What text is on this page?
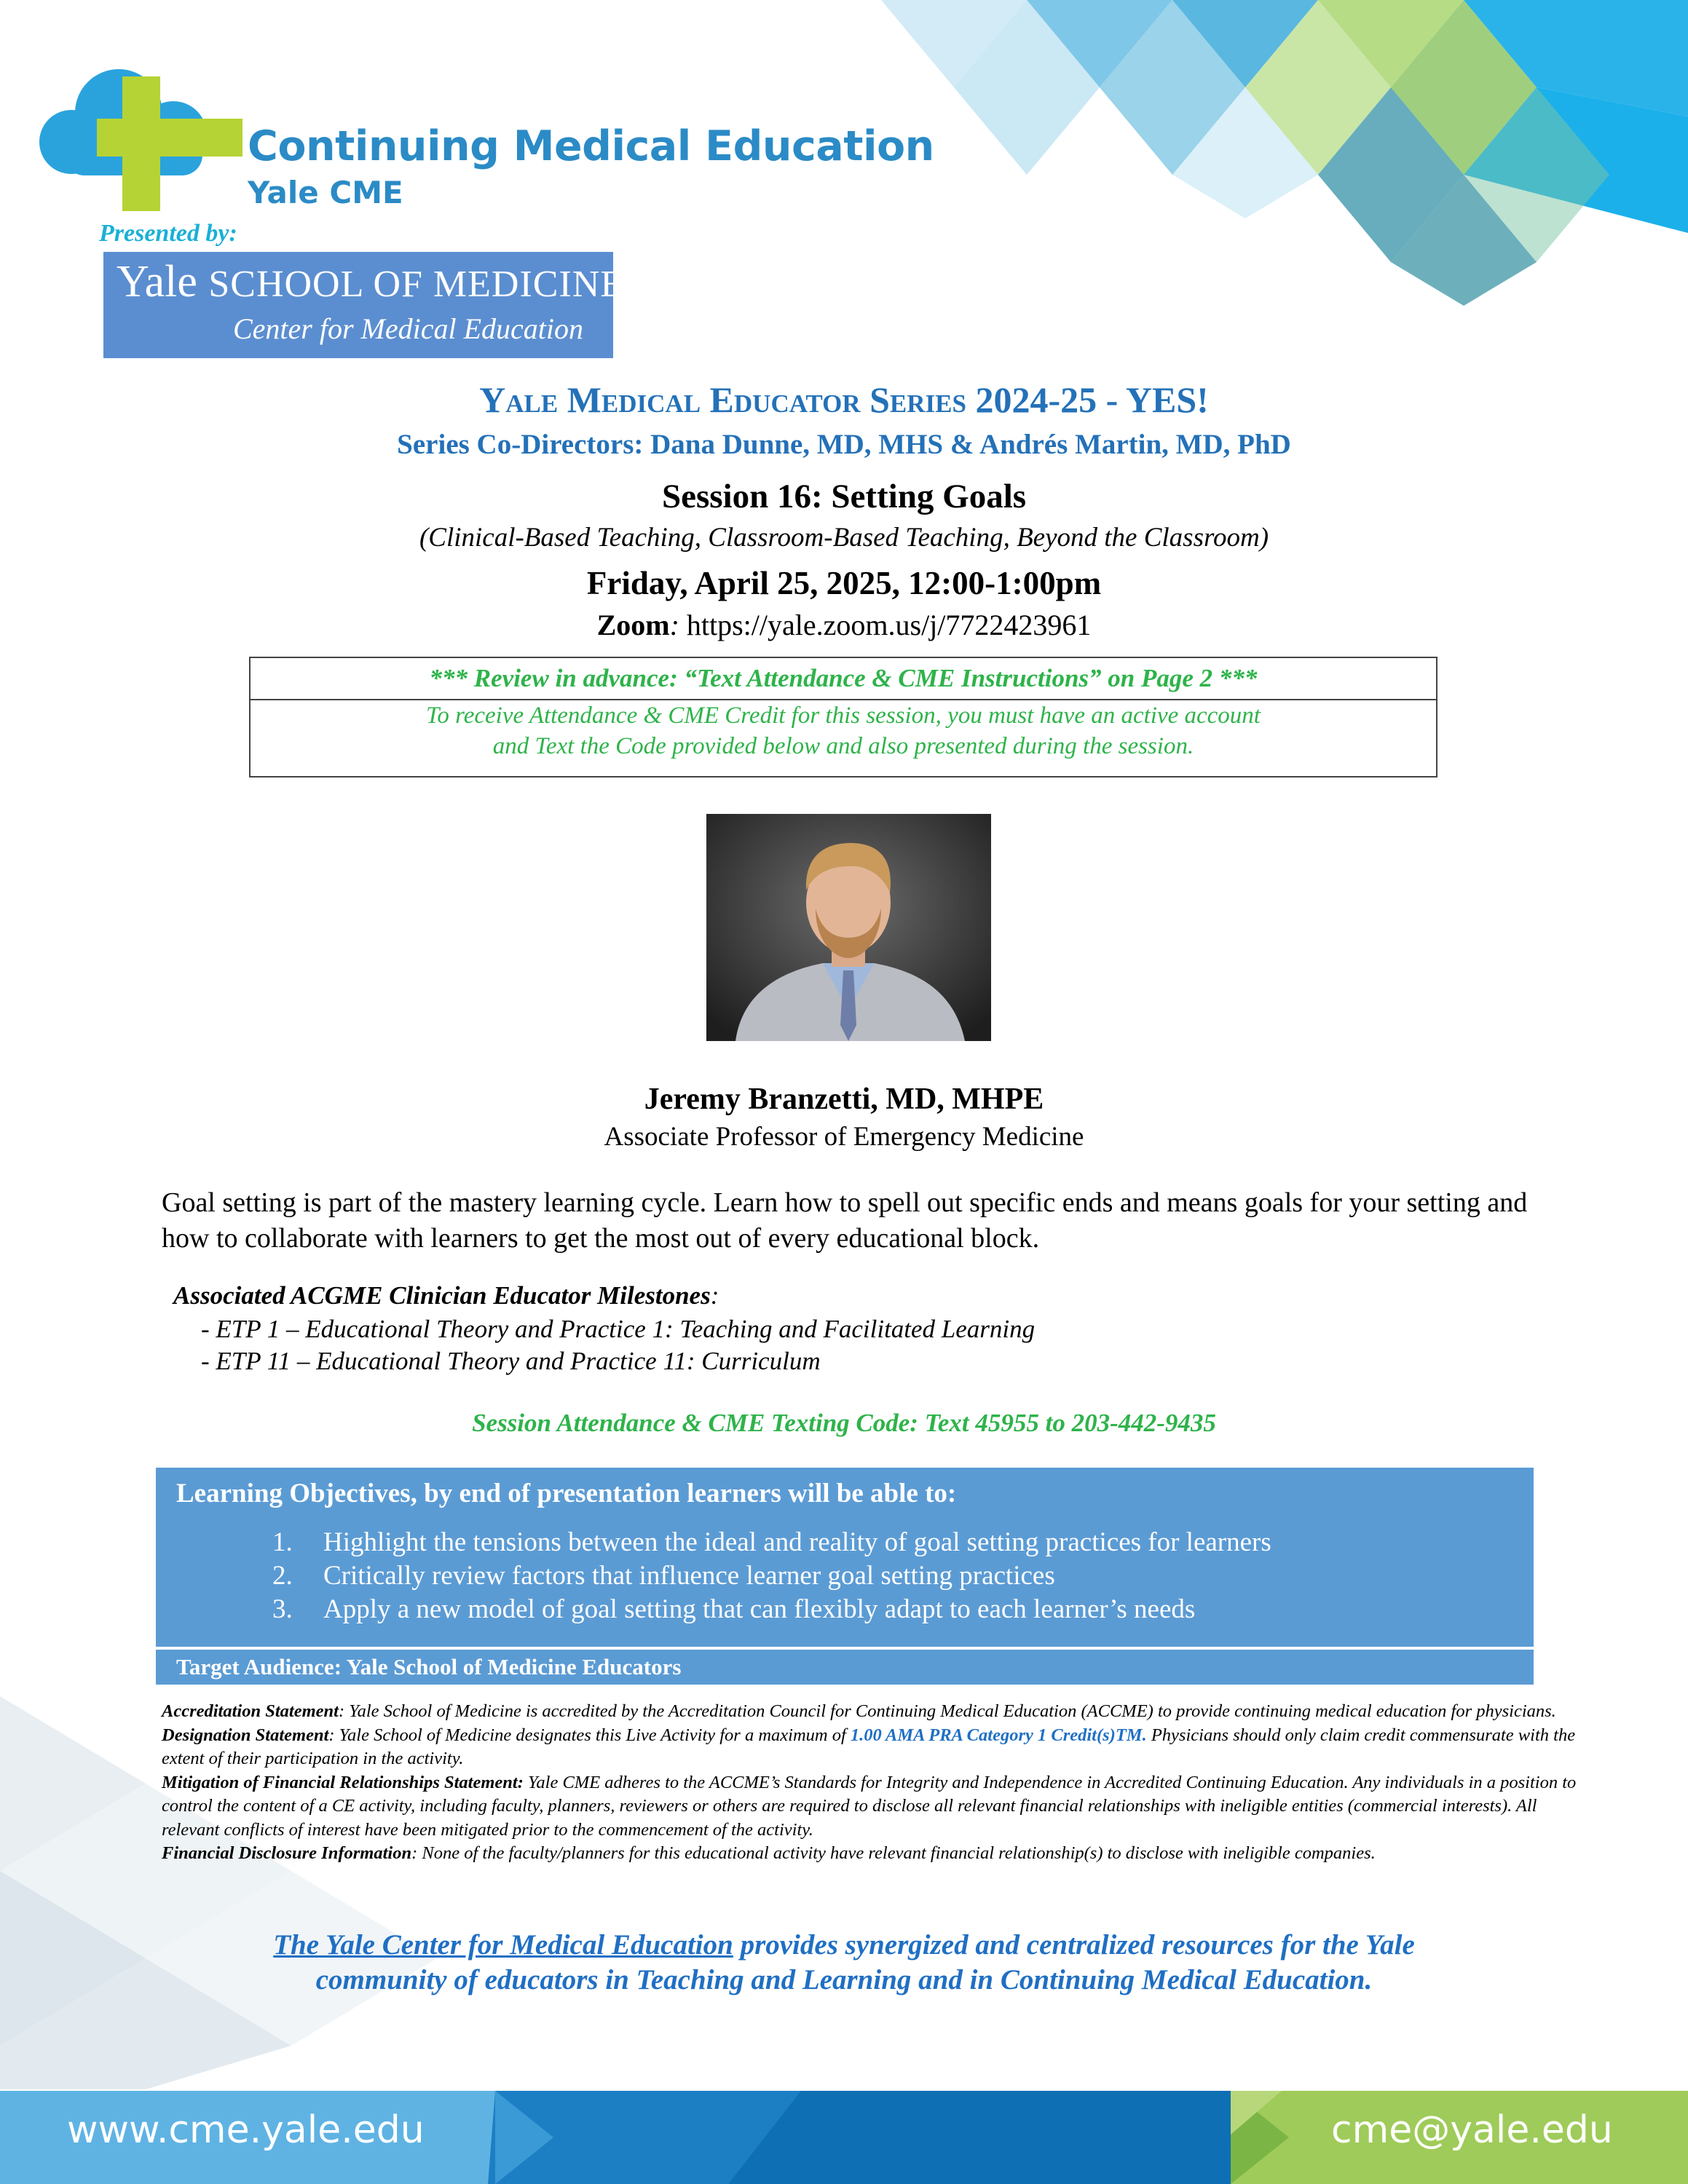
Continuing Medical Education
Yale CME
Presented by:
Yale SCHOOL OF MEDICINE
Center for Medical Education
Yale Medical Educator Series 2024-25 - YES!
Series Co-Directors: Dana Dunne, MD, MHS & Andrés Martin, MD, PhD
Session 16: Setting Goals
(Clinical-Based Teaching, Classroom-Based Teaching, Beyond the Classroom)
Friday, April 25, 2025, 12:00-1:00pm
Zoom: https://yale.zoom.us/j/7722423961
*** Review in advance: “Text Attendance & CME Instructions” on Page 2 ***
To receive Attendance & CME Credit for this session, you must have an active account
and Text the Code provided below and also presented during the session.
Jeremy Branzetti, MD, MHPE
Associate Professor of Emergency Medicine
Goal setting is part of the mastery learning cycle. Learn how to spell out specific ends and means goals for your setting and how to collaborate with learners to get the most out of every educational block.
Associated ACGME Clinician Educator Milestones:
- ETP 1 – Educational Theory and Practice 1: Teaching and Facilitated Learning
- ETP 11 – Educational Theory and Practice 11: Curriculum
Session Attendance & CME Texting Code: Text 45955 to 203-442-9435
Learning Objectives, by end of presentation learners will be able to:
1. Highlight the tensions between the ideal and reality of goal setting practices for learners
2. Critically review factors that influence learner goal setting practices
3. Apply a new model of goal setting that can flexibly adapt to each learner’s needs
Target Audience: Yale School of Medicine Educators
Accreditation Statement: Yale School of Medicine is accredited by the Accreditation Council for Continuing Medical Education (ACCME) to provide continuing medical education for physicians.
Designation Statement: Yale School of Medicine designates this Live Activity for a maximum of 1.00 AMA PRA Category 1 Credit(s)TM. Physicians should only claim credit commensurate with the extent of their participation in the activity.
Mitigation of Financial Relationships Statement: Yale CME adheres to the ACCME’s Standards for Integrity and Independence in Accredited Continuing Education. Any individuals in a position to control the content of a CE activity, including faculty, planners, reviewers or others are required to disclose all relevant financial relationships with ineligible entities (commercial interests). All relevant conflicts of interest have been mitigated prior to the commencement of the activity.
Financial Disclosure Information: None of the faculty/planners for this educational activity have relevant financial relationship(s) to disclose with ineligible companies.
The Yale Center for Medical Education provides synergized and centralized resources for the Yale
community of educators in Teaching and Learning and in Continuing Medical Education.
www.cme.yale.edu	cme@yale.edu
